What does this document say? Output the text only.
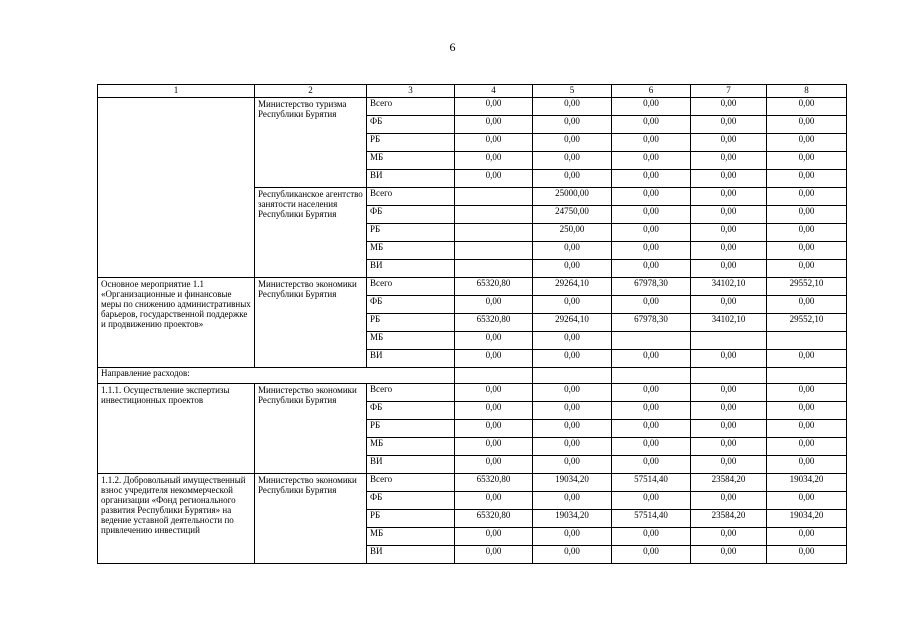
6
1	2	3	4	5	6	7	8
	Министерство туризма Республики Бурятия	Всего	0,00	0,00	0,00	0,00	0,00
		ФБ	0,00	0,00	0,00	0,00	0,00
		РБ	0,00	0,00	0,00	0,00	0,00
		МБ	0,00	0,00	0,00	0,00	0,00
		ВИ	0,00	0,00	0,00	0,00	0,00
	Республиканское агентство занятости населения Республики Бурятия	Всего		25000,00	0,00	0,00	0,00
		ФБ		24750,00	0,00	0,00	0,00
		РБ		250,00	0,00	0,00	0,00
		МБ		0,00	0,00	0,00	0,00
		ВИ		0,00	0,00	0,00	0,00
Основное мероприятие 1.1 «Организационные и финансовые меры по снижению административных барьеров, государственной поддержке и продвижению проектов»	Министерство экономики Республики Бурятия	Всего	65320,80	29264,10	67978,30	34102,10	29552,10
		ФБ	0,00	0,00	0,00	0,00	0,00
		РБ	65320,80	29264,10	67978,30	34102,10	29552,10
		МБ	0,00	0,00			
		ВИ	0,00	0,00	0,00	0,00	0,00
Направление расходов:							
1.1.1. Осуществление экспертизы инвестиционных проектов	Министерство экономики Республики Бурятия	Всего	0,00	0,00	0,00	0,00	0,00
		ФБ	0,00	0,00	0,00	0,00	0,00
		РБ	0,00	0,00	0,00	0,00	0,00
		МБ	0,00	0,00	0,00	0,00	0,00
		ВИ	0,00	0,00	0,00	0,00	0,00
1.1.2. Добровольный имущественный взнос учредителя некоммерческой организации «Фонд регионального развития Республики Бурятия» на ведение уставной деятельности по привлечению инвестиций	Министерство экономики Республики Бурятия	Всего	65320,80	19034,20	57514,40	23584,20	19034,20
		ФБ	0,00	0,00	0,00	0,00	0,00
		РБ	65320,80	19034,20	57514,40	23584,20	19034,20
		МБ	0,00	0,00	0,00	0,00	0,00
		ВИ	0,00	0,00	0,00	0,00	0,00
